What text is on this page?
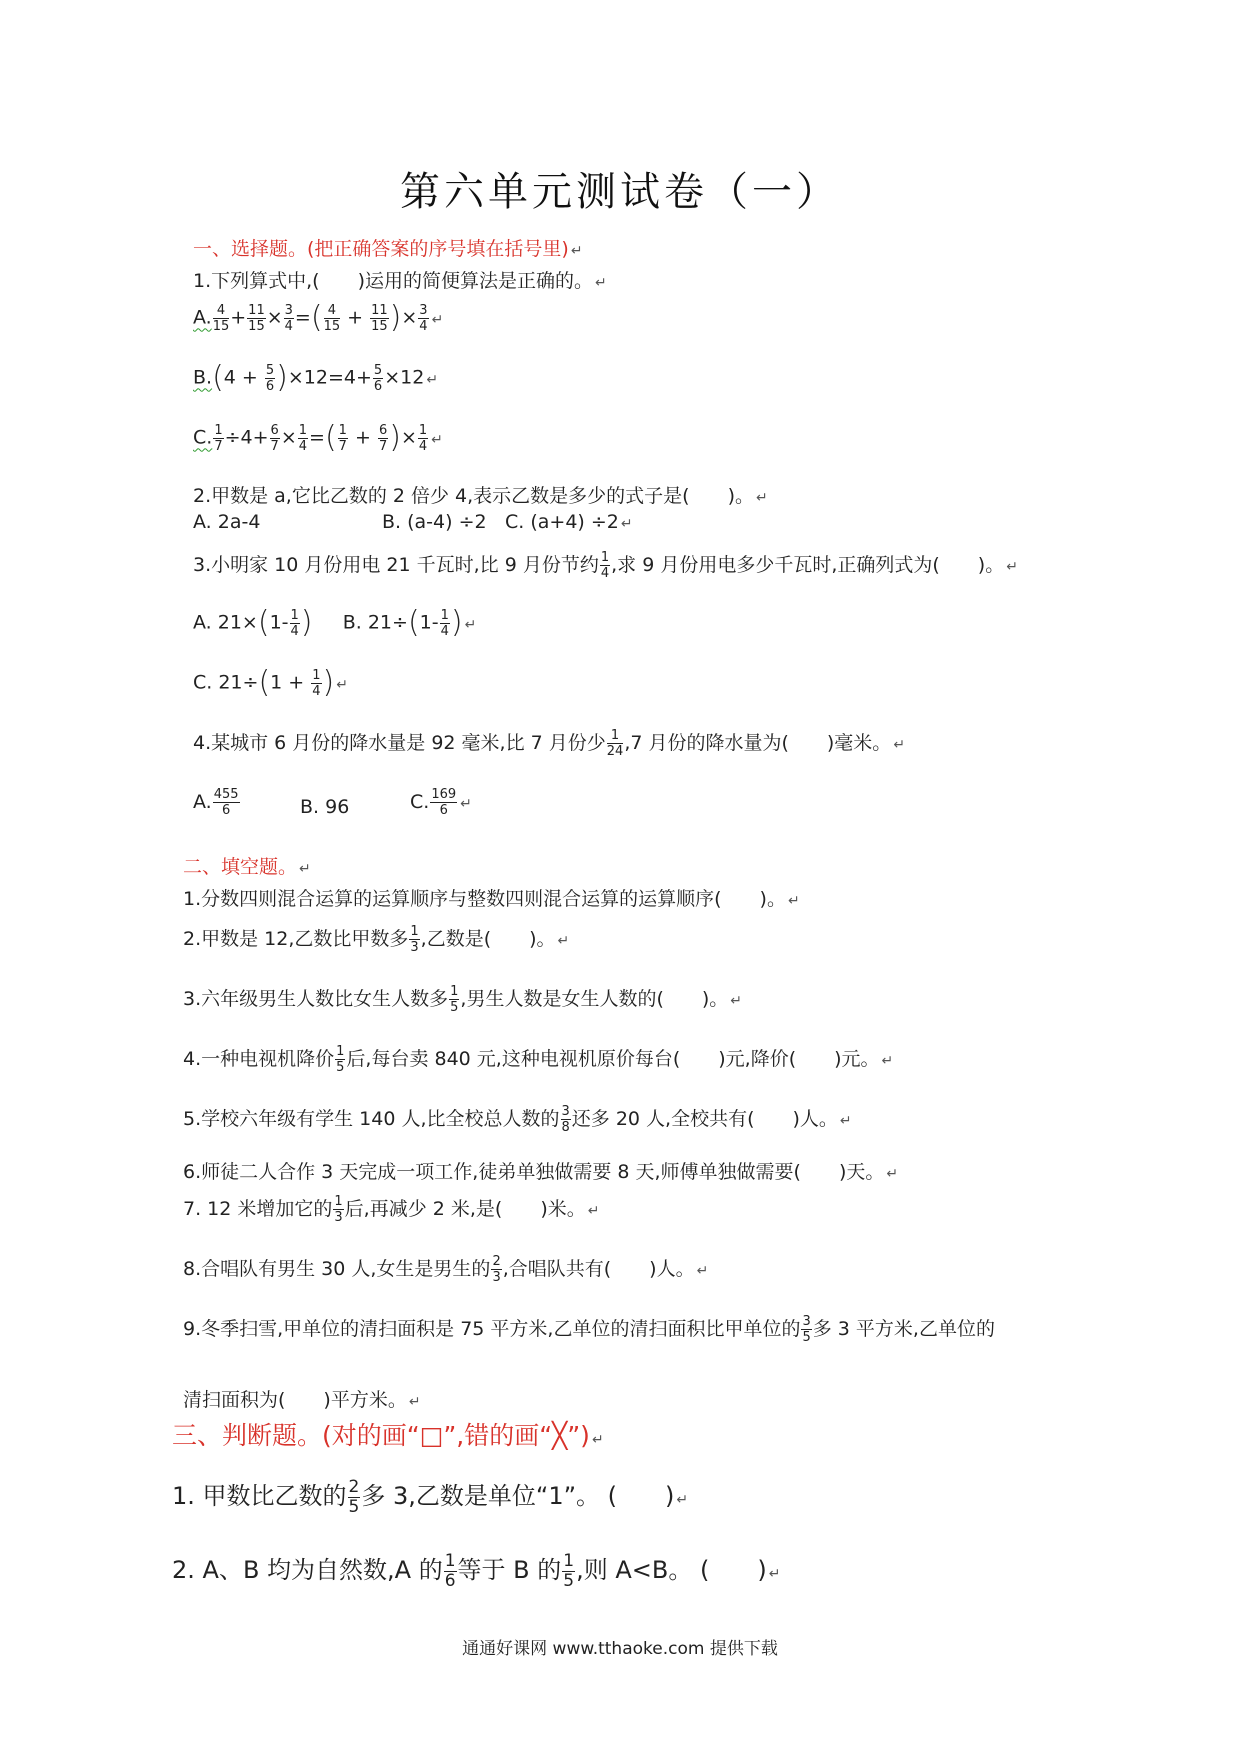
第六单元测试卷（一）
一、选择题。(把正确答案的序号填在括号里) ↵
1.下列算式中,(　　)运用的简便算法是正确的。 ↵
A. $\frac{4}{15} + \frac{11}{15} \times \frac{3}{4}$ =( $\frac{4}{15} + \frac{11}{15}$ )× $\frac{3}{4}$ ↵
$B.(4 + \frac{5}{6} )\times 12=4+ \frac{5}{6} \times 12$ ↵
C. $\frac{1}{7} \div 4+ \frac{6}{7} \times \frac{1}{4}$ =( $\frac{1}{7} + \frac{6}{7}$ )× $\frac{1}{4}$ ↵
2.甲数是 a,它比乙数的 2 倍少 4,表示乙数是多少的式子是(　　)。 ↵
A. 2a-4	B. (a-4) ÷2 C. (a+4) ÷2 ↵
3.小明家 10 月份用电 21 千瓦时,比 9 月份节约 $\frac{1}{4}$ ,求 9 月份用电多少千瓦时,正确列式为(　　)。 ↵
A. $21\times(1- \frac{1}{4}$ )     B. $21\div(1- \frac{1}{4}$ ) ↵
C. $21\div(1 + \frac{1}{4}$ ) ↵
4.某城市 6 月份的降水量是 92 毫米,比 7 月份少 $\frac{1}{24} ,7$ 月份的降水量为(　　)毫米。 ↵
A. $\frac{455}{6}$	B. 96	C. $\frac{169}{6}$ ↵
二、填空题。 ↵
1.分数四则混合运算的运算顺序与整数四则混合运算的运算顺序(　　)。 ↵
2.甲数是 12,乙数比甲数多 $\frac{1}{3}$ ,乙数是(　　)。 ↵
3.六年级男生人数比女生人数多 $\frac{1}{5}$ ,男生人数是女生人数的(　　)。 ↵
4.一种电视机降价 $\frac{1}{5}$ 后,每台卖 840 元,这种电视机原价每台(　　)元,降价(　　)元。 ↵
5.学校六年级有学生 140 人,比全校总人数的 $\frac{3}{8}$ 还多 20 人,全校共有(　　)人。 ↵
6.师徒二人合作 3 天完成一项工作,徒弟单独做需要 8 天,师傅单独做需要(　　)天。 ↵
7. 12 米增加它的 $\frac{1}{3}$ 后,再减少 2 米,是(　　)米。 ↵
8.合唱队有男生 30 人,女生是男生的 $\frac{2}{3}$ ,合唱队共有(　　)人。 ↵
9.冬季扫雪,甲单位的清扫面积是 75 平方米,乙单位的清扫面积比甲单位的 $\frac{3}{5}$ 多 3 平方米,乙单位的
清扫面积为(　　)平方米。 ↵
三、判断题。(对的画“□”,错的画“╳”) ↵
1. 甲数比乙数的 $\frac{2}{5}$ 多 3,乙数是单位“1”。 (　　) ↵
2. A、B 均为自然数,A 的 $\frac{1}{6}$ 等于 B 的 $\frac{1}{5}$ ,则 A<B。 (　　) ↵
通通好课网 www.tthaoke.com 提供下载
